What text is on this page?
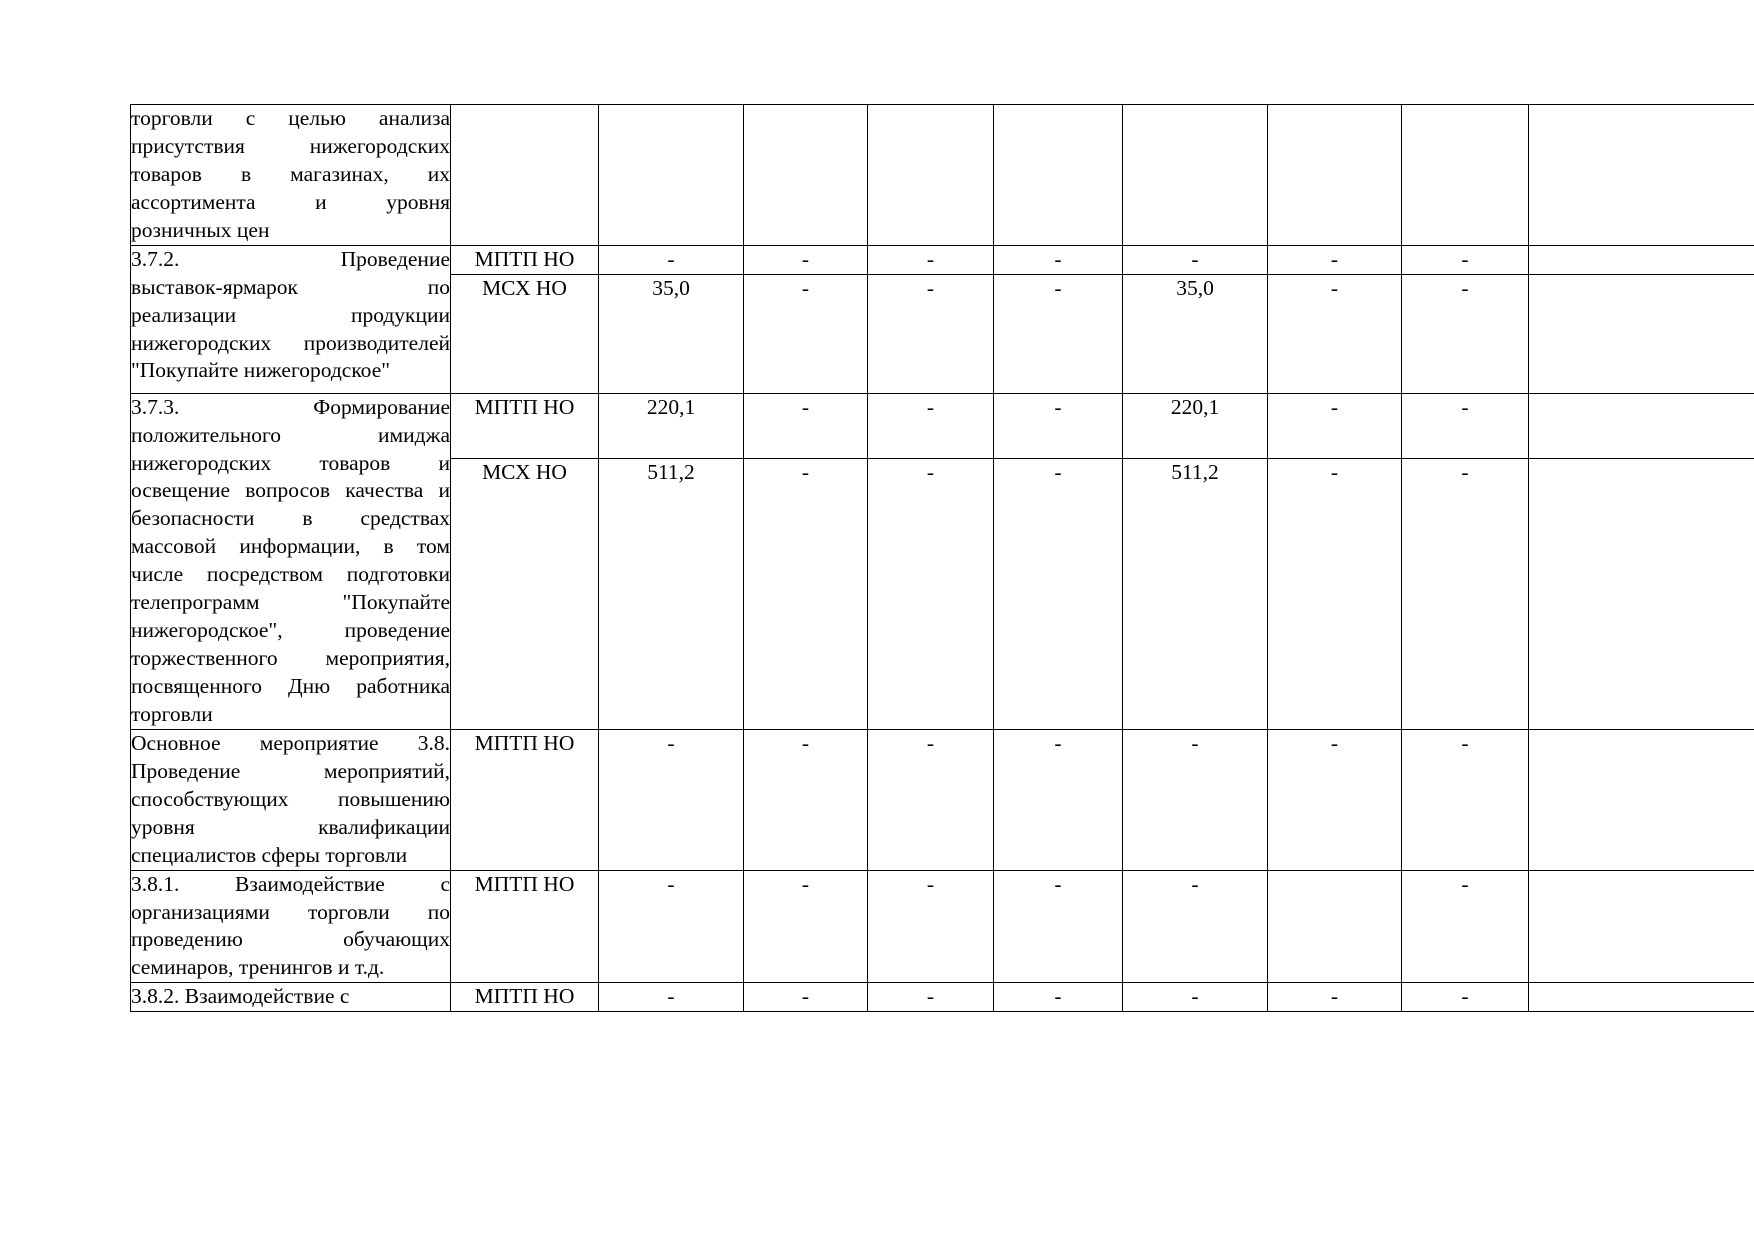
торговли с целью анализа
присутствия нижегородских
товаров в магазинах, их
ассортимента и уровня
розничных цен									

3.7.2. Проведение
выставок-ярмарок по
реализации продукции
нижегородских производителей
"Покупайте нижегородское"	МПТП НО	-	-	-	-	-	-	-	
	МСХ НО	35,0	-	-	-	35,0	-	-	

3.7.3. Формирование
положительного имиджа
нижегородских товаров и
освещение вопросов качества и
безопасности в средствах
массовой информации, в том
числе посредством подготовки
телепрограмм "Покупайте
нижегородское", проведение
торжественного мероприятия,
посвященного Дню работника
торговли
	МПТП НО	220,1	-	-	-	220,1	-	-	
	МСХ НО	511,2	-	-	-	511,2	-	-	

Основное мероприятие 3.8.
Проведение мероприятий,
способствующих повышению
уровня квалификации
специалистов сферы торговли	МПТП НО	-	-	-	-	-	-	-	

3.8.1. Взаимодействие с
организациями торговли по
проведению обучающих
семинаров, тренингов и т.д.	МПТП НО	-	-	-	-	-		-	

3.8.2. Взаимодействие с	МПТП НО	-	-	-	-	-	-	-	
